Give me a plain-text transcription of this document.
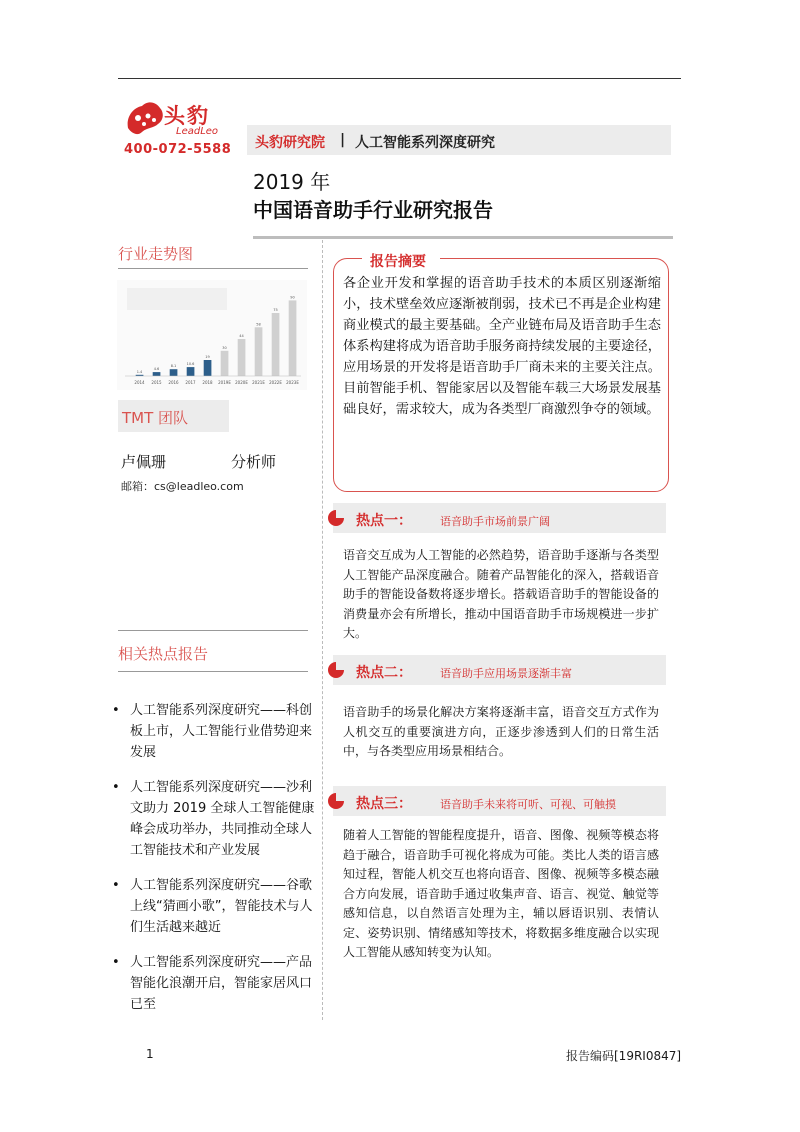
头豹
LeadLeo
400-072-5588 头豹研究院 | 人工智能系列深度研究
2019 年
中国语音助手行业研究报告
行业走势图
2014
1.4
2015
4.6
2016
8.1
2017
10.6
2018
19
2019E
30
2020E
44
2021E
58
2022E
75
2023E
90
TMT 团队
卢佩珊	分析师
邮箱：cs@leadleo.com
相关热点报告
• 人工智能系列深度研究——科创板上市，人工智能行业借势迎来发展
• 人工智能系列深度研究——沙利文助力 2019 全球人工智能健康峰会成功举办，共同推动全球人工智能技术和产业发展
• 人工智能系列深度研究——谷歌上线“猜画小歌”，智能技术与人们生活越来越近
• 人工智能系列深度研究——产品智能化浪潮开启，智能家居风口已至
报告摘要
各企业开发和掌握的语音助手技术的本质区别逐渐缩小，技术壁垒效应逐渐被削弱，技术已不再是企业构建商业模式的最主要基础。全产业链布局及语音助手生态体系构建将成为语音助手服务商持续发展的主要途径，应用场景的开发将是语音助手厂商未来的主要关注点。目前智能手机、智能家居以及智能车载三大场景发展基础良好，需求较大，成为各类型厂商激烈争夺的领域。
热点一：	语音助手市场前景广阔
语音交互成为人工智能的必然趋势，语音助手逐渐与各类型人工智能产品深度融合。随着产品智能化的深入，搭载语音助手的智能设备数将逐步增长。搭载语音助手的智能设备的消费量亦会有所增长，推动中国语音助手市场规模进一步扩大。
热点二：	语音助手应用场景逐渐丰富
语音助手的场景化解决方案将逐渐丰富，语音交互方式作为人机交互的重要演进方向，正逐步渗透到人们的日常生活中，与各类型应用场景相结合。
热点三：	语音助手未来将可听、可视、可触摸
随着人工智能的智能程度提升，语音、图像、视频等模态将趋于融合，语音助手可视化将成为可能。类比人类的语言感知过程，智能人机交互也将向语音、图像、视频等多模态融合方向发展，语音助手通过收集声音、语言、视觉、触觉等感知信息，以自然语言处理为主，辅以唇语识别、表情认定、姿势识别、情绪感知等技术，将数据多维度融合以实现人工智能从感知转变为认知。
1	报告编码[19RI0847]
